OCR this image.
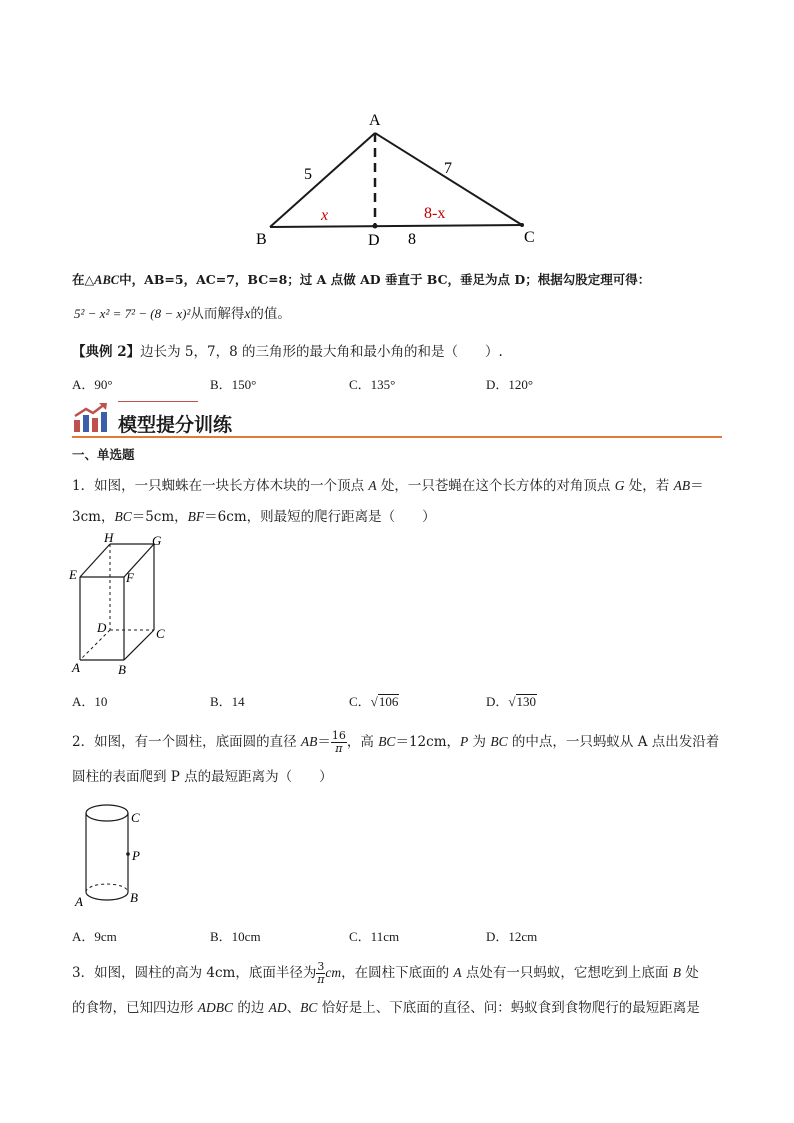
A
B	C
D
5	7
x	8-x
8
在△ABC中，AB=5，AC=7，BC=8；过 A 点做 AD 垂直于 BC，垂足为点 D；根据勾股定理可得：
5² − x² = 7² − (8 − x)²从而解得x的值。
【典例 2】边长为 5，7，8 的三角形的最大角和最小角的和是（　　）.
A．90°	B．150°	C．135°	D．120°
模型提分训练
一、单选题
1．如图，一只蜘蛛在一块长方体木块的一个顶点 A 处，一只苍蝇在这个长方体的对角顶点 G 处，若 AB＝
3cm，BC＝5cm，BF＝6cm，则最短的爬行距离是（　　）
H	G
E	F
D	C
A	B
A．10	B．14	C．√106	D．√130
2．如图，有一个圆柱，底面圆的直径 $AB= \frac{16}{\pi}$ ，高 BC＝12cm，P 为 BC 的中点，一只蚂蚁从 A 点出发沿着
圆柱的表面爬到 P 点的最短距离为（　　）
C
P
A	B
A．9cm	B．10cm	C．11cm	D．12cm
3．如图，圆柱的高为 4cm，底面半径为 $\frac{3}{\pi}$ cm，在圆柱下底面的 A 点处有一只蚂蚁，它想吃到上底面 B 处
的食物，已知四边形 ADBC 的边 AD、BC 恰好是上、下底面的直径、问：蚂蚁食到食物爬行的最短距离是
